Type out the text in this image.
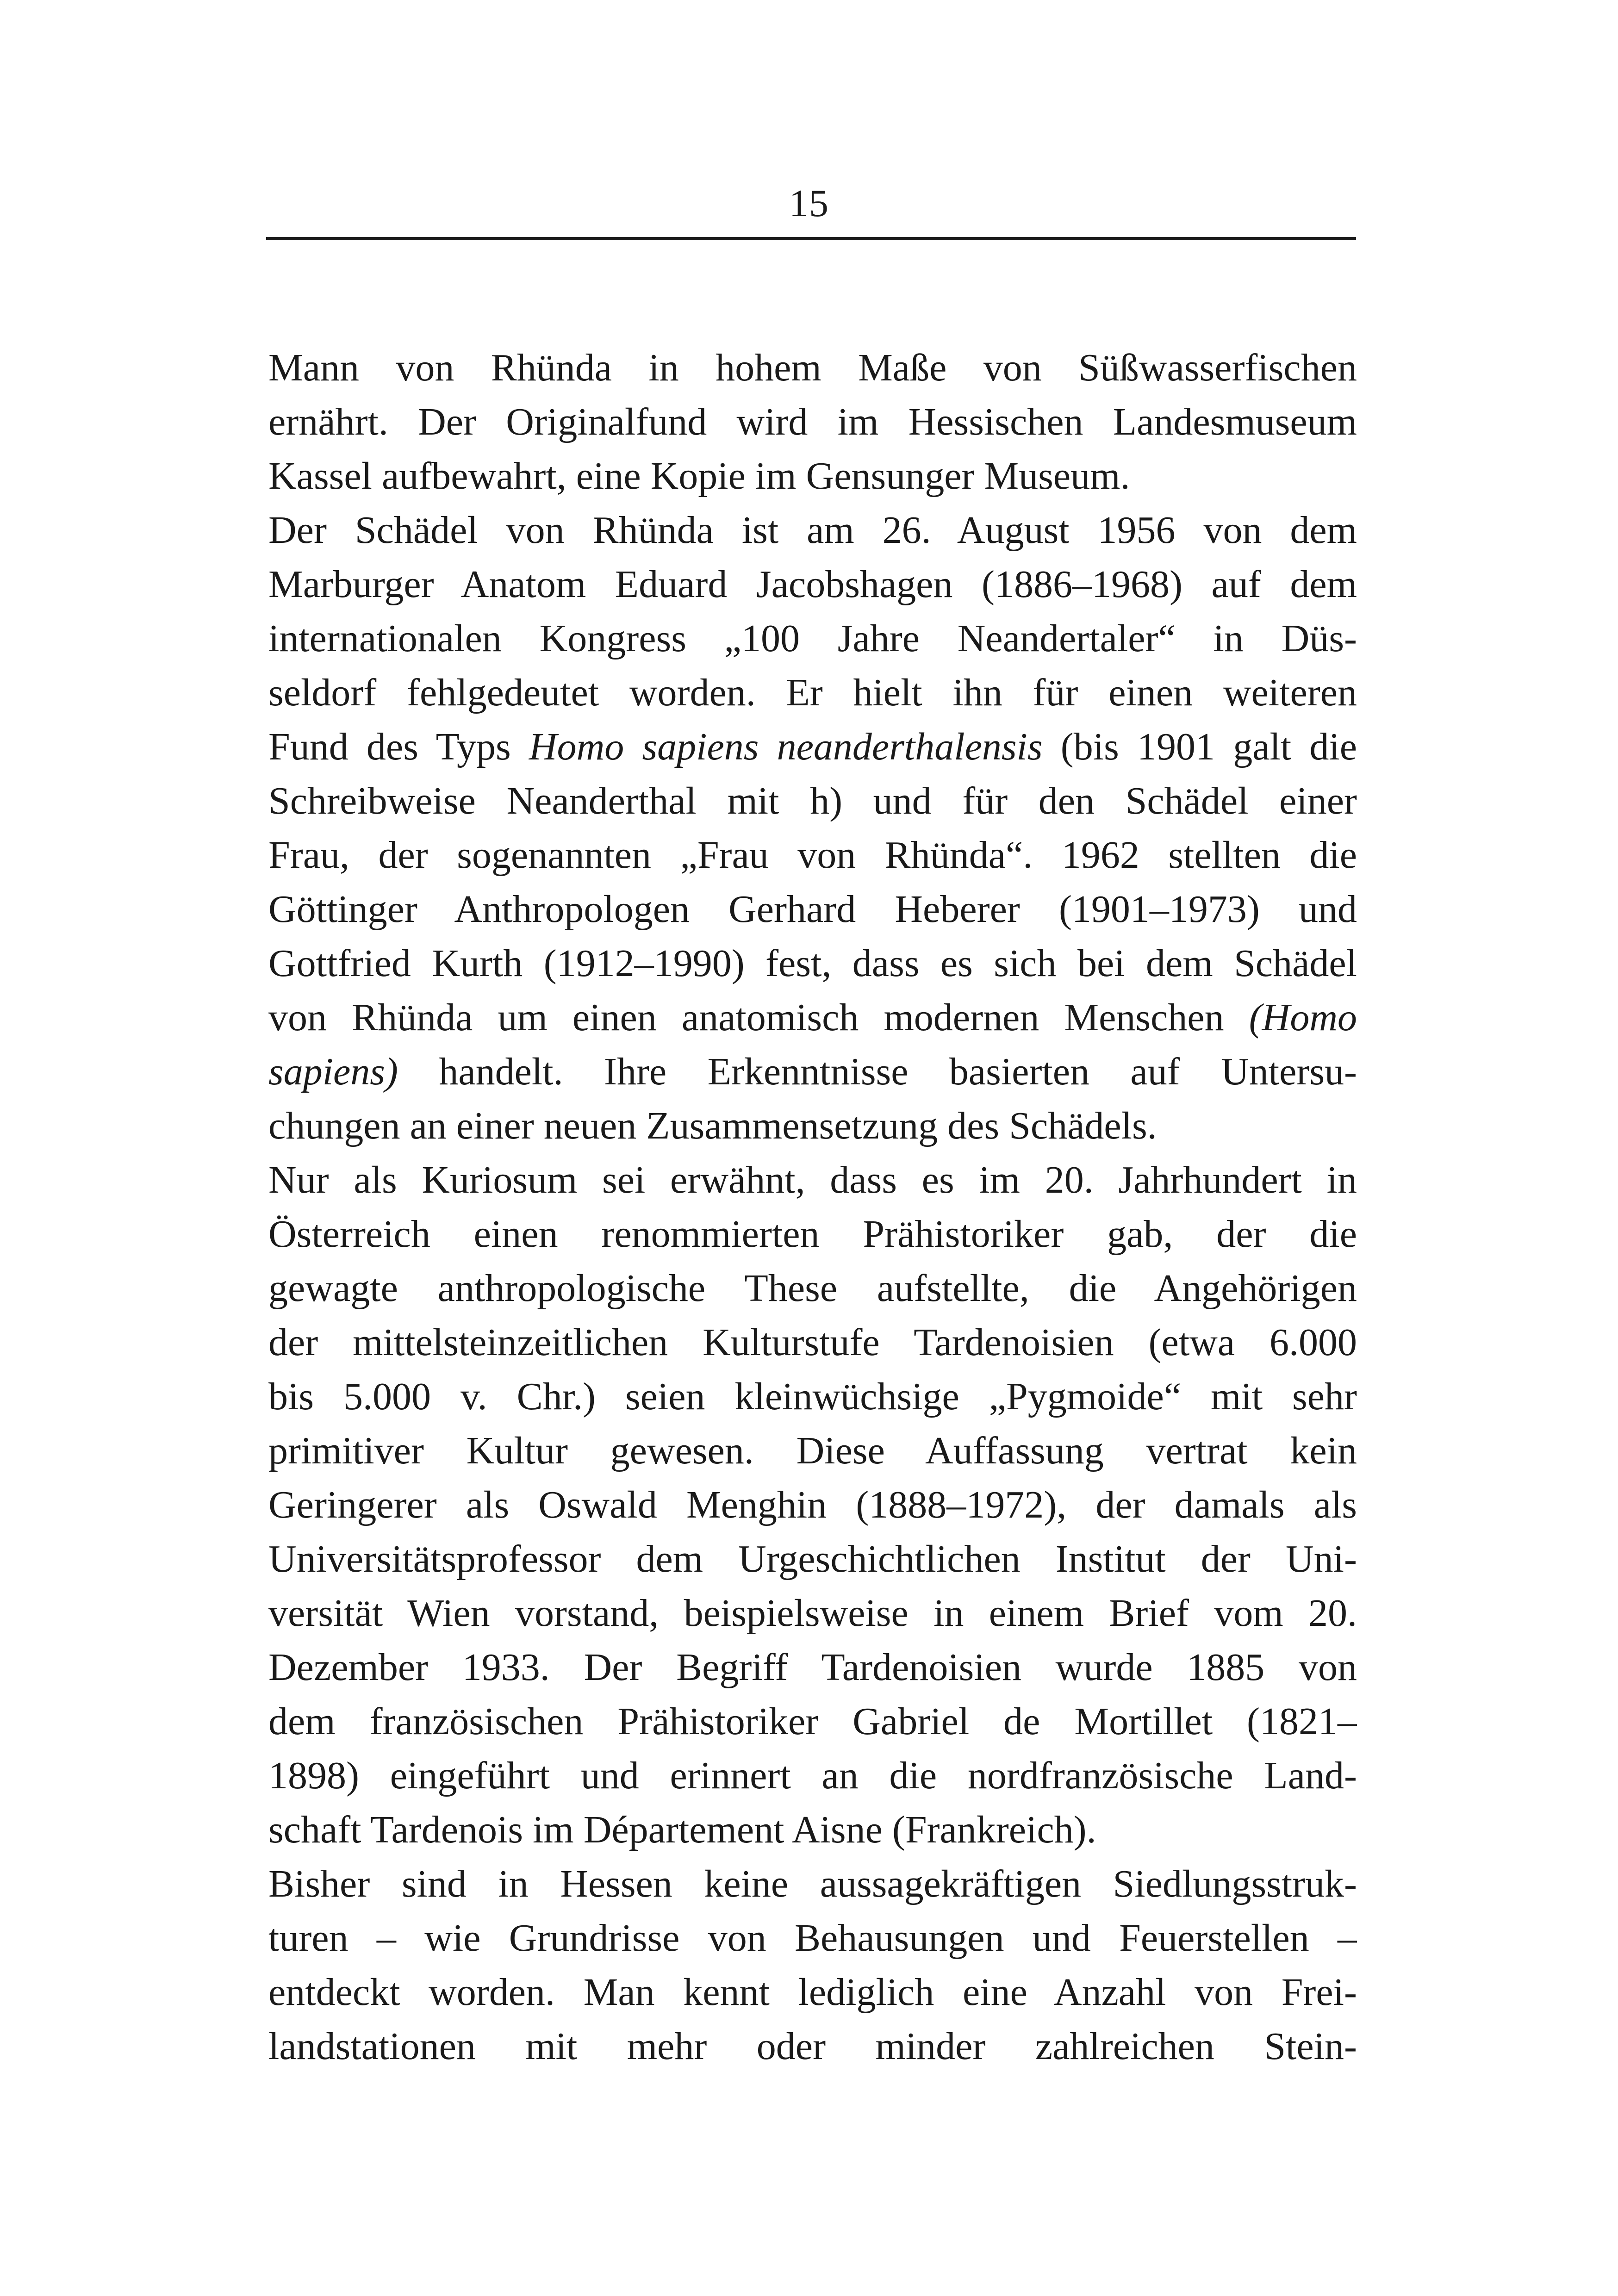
15
Mann von Rhünda in hohem Maße von Süßwasserfischen
ernährt. Der Originalfund wird im Hessischen Landesmuseum
Kassel aufbewahrt, eine Kopie im Gensunger Museum.
Der Schädel von Rhünda ist am 26. August 1956 von dem
Marburger Anatom Eduard Jacobshagen (1886–1968) auf dem
internationalen Kongress „100 Jahre Neandertaler“ in Düs-
seldorf fehlgedeutet worden. Er hielt ihn für einen weiteren
Fund des Typs Homo sapiens neanderthalensis (bis 1901 galt die
Schreibweise Neanderthal mit h) und für den Schädel einer
Frau, der sogenannten „Frau von Rhünda“. 1962 stellten die
Göttinger Anthropologen Gerhard Heberer (1901–1973) und
Gottfried Kurth (1912–1990) fest, dass es sich bei dem Schädel
von Rhünda um einen anatomisch modernen Menschen (Homo
sapiens) handelt. Ihre Erkenntnisse basierten auf Untersu-
chungen an einer neuen Zusammensetzung des Schädels.
Nur als Kuriosum sei erwähnt, dass es im 20. Jahrhundert in
Österreich einen renommierten Prähistoriker gab, der die
gewagte anthropologische These aufstellte, die Angehörigen
der mittelsteinzeitlichen Kulturstufe Tardenoisien (etwa 6.000
bis 5.000 v. Chr.) seien kleinwüchsige „Pygmoide“ mit sehr
primitiver Kultur gewesen. Diese Auffassung vertrat kein
Geringerer als Oswald Menghin (1888–1972), der damals als
Universitätsprofessor dem Urgeschichtlichen Institut der Uni-
versität Wien vorstand, beispielsweise in einem Brief vom 20.
Dezember 1933. Der Begriff Tardenoisien wurde 1885 von
dem französischen Prähistoriker Gabriel de Mortillet (1821–
1898) eingeführt und erinnert an die nordfranzösische Land-
schaft Tardenois im Département Aisne (Frankreich).
Bisher sind in Hessen keine aussagekräftigen Siedlungsstruk-
turen – wie Grundrisse von Behausungen und Feuerstellen –
entdeckt worden. Man kennt lediglich eine Anzahl von Frei-
landstationen mit mehr oder minder zahlreichen Stein-
